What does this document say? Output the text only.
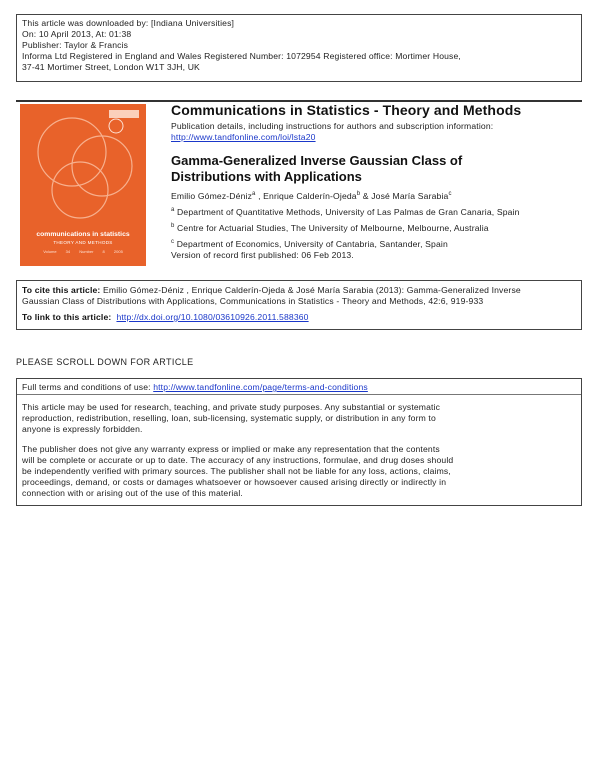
This article was downloaded by: [Indiana Universities]
On: 10 April 2013, At: 01:38
Publisher: Taylor & Francis
Informa Ltd Registered in England and Wales Registered Number: 1072954 Registered office: Mortimer House,
37-41 Mortimer Street, London W1T 3JH, UK
communications in statistics
THEORY AND METHODS
Volume 34 Number 8 2005
Communications in Statistics - Theory and Methods
Publication details, including instructions for authors and subscription information:
http://www.tandfonline.com/loi/lsta20
Gamma-Generalized Inverse Gaussian Class of
Distributions with Applications
Emilio Gómez-Déniz$^a$ , Enrique Calderín-Ojeda$^b$ & José María Sarabia$^c$
$^a$ Department of Quantitative Methods, University of Las Palmas de Gran Canaria, Spain
$^b$ Centre for Actuarial Studies, The University of Melbourne, Melbourne, Australia
$^c$ Department of Economics, University of Cantabria, Santander, Spain
Version of record first published: 06 Feb 2013.
To cite this article: Emilio Gómez-Déniz , Enrique Calderín-Ojeda & José María Sarabia (2013): Gamma-Generalized Inverse
Gaussian Class of Distributions with Applications, Communications in Statistics - Theory and Methods, 42:6, 919-933
To link to this article: http://dx.doi.org/10.1080/03610926.2011.588360
PLEASE SCROLL DOWN FOR ARTICLE
Full terms and conditions of use: http://www.tandfonline.com/page/terms-and-conditions
This article may be used for research, teaching, and private study purposes. Any substantial or systematic
reproduction, redistribution, reselling, loan, sub-licensing, systematic supply, or distribution in any form to
anyone is expressly forbidden.
The publisher does not give any warranty express or implied or make any representation that the contents
will be complete or accurate or up to date. The accuracy of any instructions, formulae, and drug doses should
be independently verified with primary sources. The publisher shall not be liable for any loss, actions, claims,
proceedings, demand, or costs or damages whatsoever or howsoever caused arising directly or indirectly in
connection with or arising out of the use of this material.
